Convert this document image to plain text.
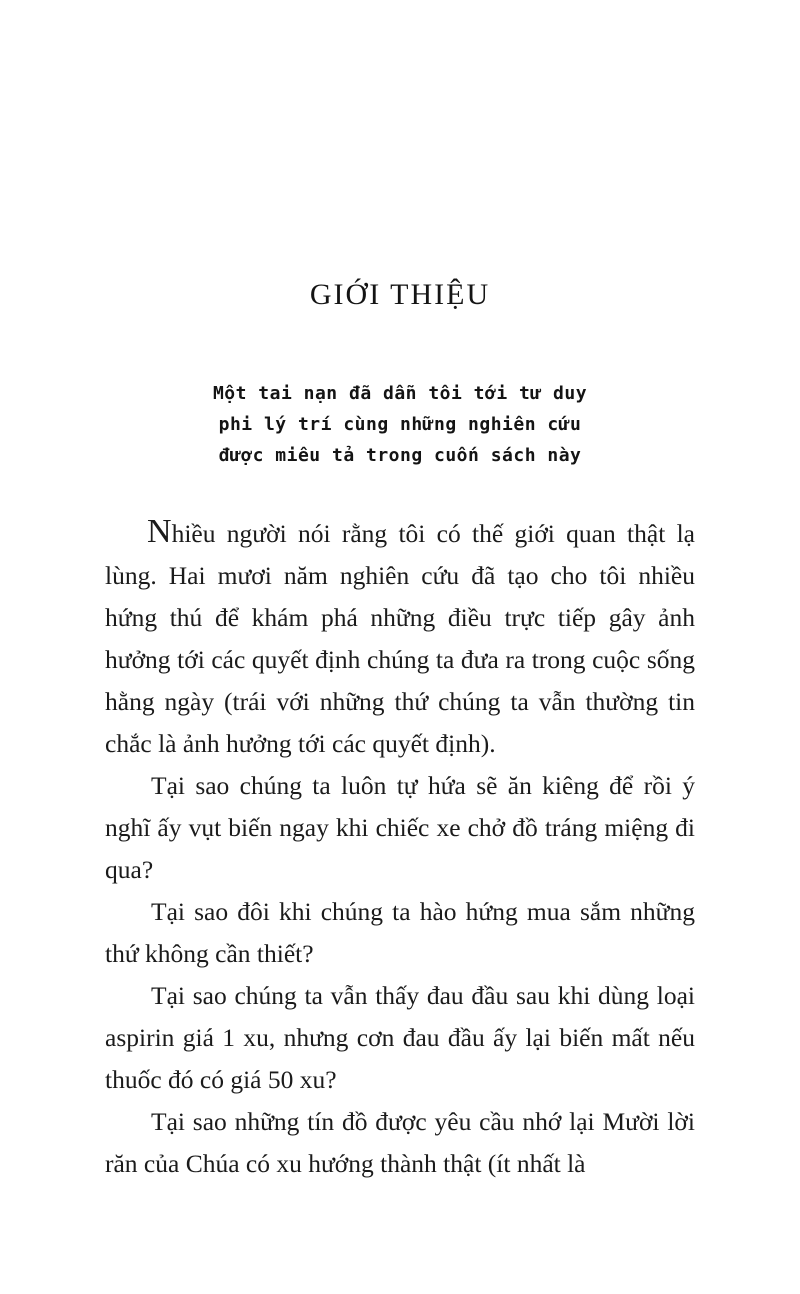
GIỚI THIỆU
Một tai nạn đã dẫn tôi tới tư duy
phi lý trí cùng những nghiên cứu
được miêu tả trong cuốn sách này

Nhiều người nói rằng tôi có thế giới quan thật lạ lùng. Hai mươi năm nghiên cứu đã tạo cho tôi nhiều hứng thú để khám phá những điều trực tiếp gây ảnh hưởng tới các quyết định chúng ta đưa ra trong cuộc sống hằng ngày (trái với những thứ chúng ta vẫn thường tin chắc là ảnh hưởng tới các quyết định).

Tại sao chúng ta luôn tự hứa sẽ ăn kiêng để rồi ý nghĩ ấy vụt biến ngay khi chiếc xe chở đồ tráng miệng đi qua?

Tại sao đôi khi chúng ta hào hứng mua sắm những thứ không cần thiết?

Tại sao chúng ta vẫn thấy đau đầu sau khi dùng loại aspirin giá 1 xu, nhưng cơn đau đầu ấy lại biến mất nếu thuốc đó có giá 50 xu?

Tại sao những tín đồ được yêu cầu nhớ lại Mười lời răn của Chúa có xu hướng thành thật (ít nhất là
